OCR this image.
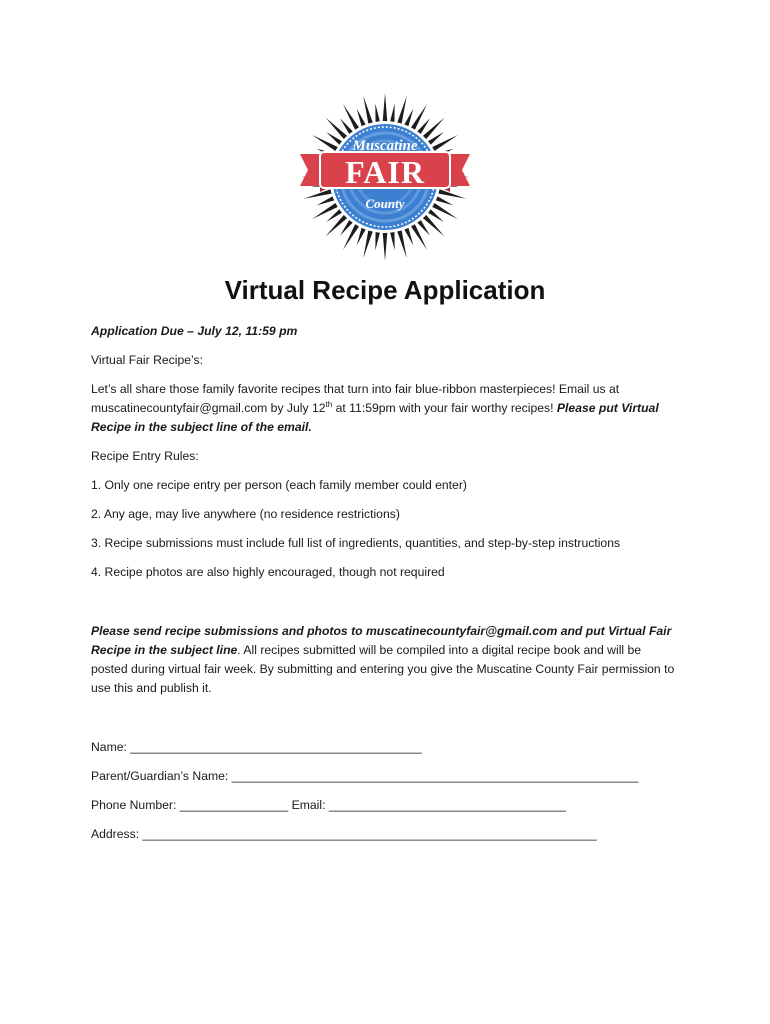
Muscatine
FAIR
County
Virtual Recipe Application

Application Due – July 12, 11:59 pm

Virtual Fair Recipe’s:

Let’s all share those family favorite recipes that turn into fair blue-ribbon masterpieces! Email us at muscatinecountyfair@gmail.com by July 12th at 11:59pm with your fair worthy recipes! Please put Virtual Recipe in the subject line of the email.

Recipe Entry Rules:

1. Only one recipe entry per person (each family member could enter)

2. Any age, may live anywhere (no residence restrictions)

3. Recipe submissions must include full list of ingredients, quantities, and step-by-step instructions

4. Recipe photos are also highly encouraged, though not required

Please send recipe submissions and photos to muscatinecountyfair@gmail.com and put Virtual Fair Recipe in the subject line. All recipes submitted will be compiled into a digital recipe book and will be posted during virtual fair week. By submitting and entering you give the Muscatine County Fair permission to use this and publish it.

Name: ___________________________________________

Parent/Guardian’s Name: ____________________________________________________________

Phone Number: ________________ Email: ___________________________________

Address: ___________________________________________________________________
